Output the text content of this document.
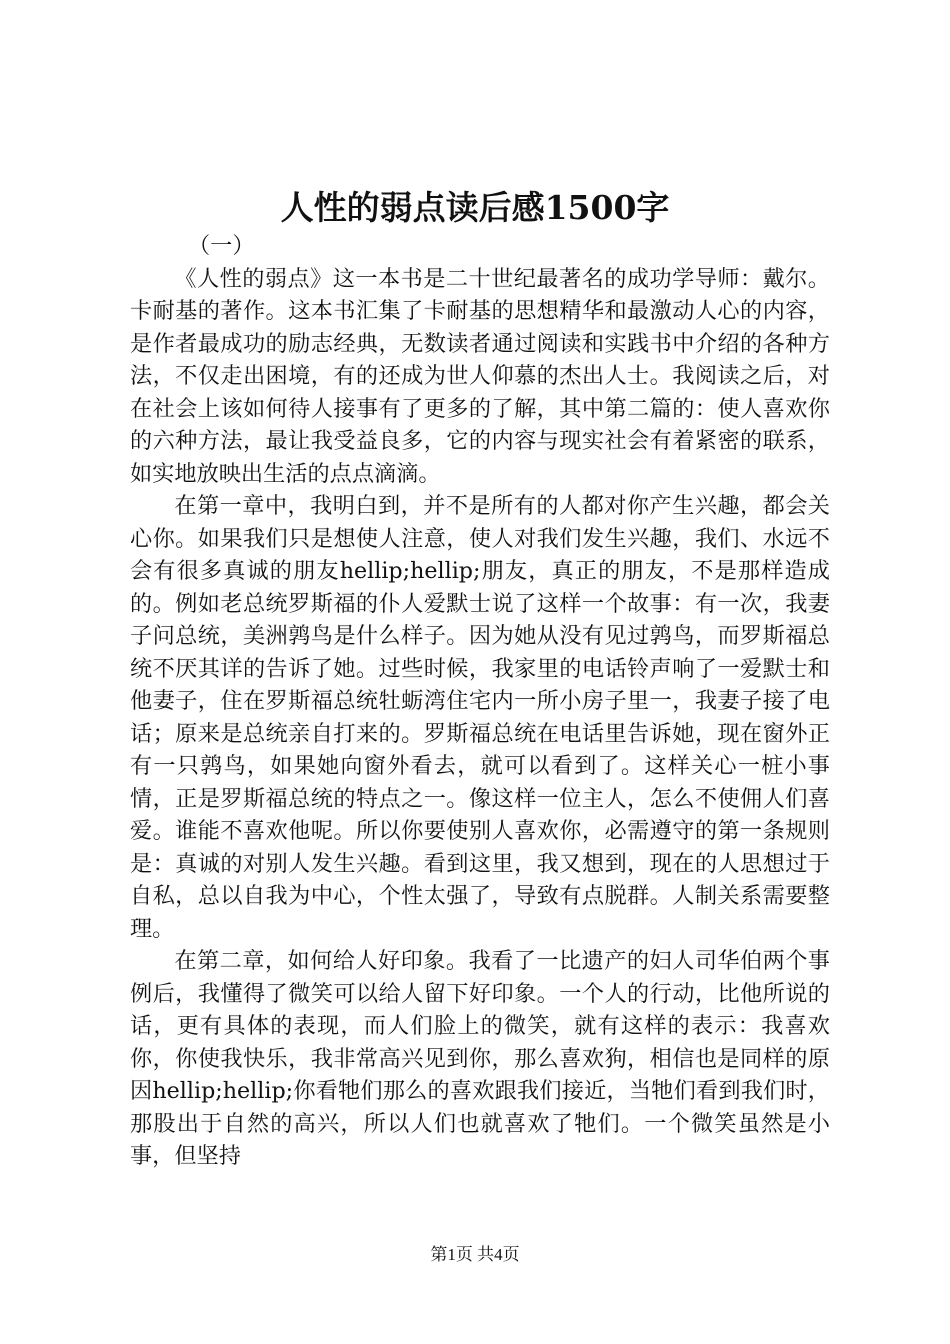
人性的弱点读后感1500字

（一）

《人性的弱点》这一本书是二十世纪最著名的成功学导师：戴尔。卡耐基的著作。这本书汇集了卡耐基的思想精华和最激动人心的内容，是作者最成功的励志经典，无数读者通过阅读和实践书中介绍的各种方法，不仅走出困境，有的还成为世人仰慕的杰出人士。我阅读之后，对在社会上该如何待人接事有了更多的了解，其中第二篇的：使人喜欢你的六种方法，最让我受益良多，它的内容与现实社会有着紧密的联系，如实地放映出生活的点点滴滴。

在第一章中，我明白到，并不是所有的人都对你产生兴趣，都会关心你。如果我们只是想使人注意，使人对我们发生兴趣，我们、水远不会有很多真诚的朋友hellip;hellip;朋友，真正的朋友，不是那样造成的。例如老总统罗斯福的仆人爱默士说了这样一个故事：有一次，我妻子问总统，美洲鹑鸟是什么样子。因为她从没有见过鹑鸟，而罗斯福总统不厌其详的告诉了她。过些时候，我家里的电话铃声响了一爱默士和他妻子，住在罗斯福总统牡蛎湾住宅内一所小房子里一，我妻子接了电话；原来是总统亲自打来的。罗斯福总统在电话里告诉她，现在窗外正有一只鹑鸟，如果她向窗外看去，就可以看到了。这样关心一桩小事情，正是罗斯福总统的特点之一。像这样一位主人，怎么不使佣人们喜爱。谁能不喜欢他呢。所以你要使别人喜欢你，必需遵守的第一条规则是：真诚的对别人发生兴趣。看到这里，我又想到，现在的人思想过于自私，总以自我为中心，个性太强了，导致有点脱群。人制关系需要整理。

在第二章，如何给人好印象。我看了一比遗产的妇人司华伯两个事例后，我懂得了微笑可以给人留下好印象。一个人的行动，比他所说的话，更有具体的表现，而人们脸上的微笑，就有这样的表示：我喜欢你，你使我快乐，我非常高兴见到你，那么喜欢狗，相信也是同样的原因hellip;hellip;你看牠们那么的喜欢跟我们接近，当牠们看到我们时，那股出于自然的高兴，所以人们也就喜欢了牠们。一个微笑虽然是小事，但坚持

第1页 共4页
